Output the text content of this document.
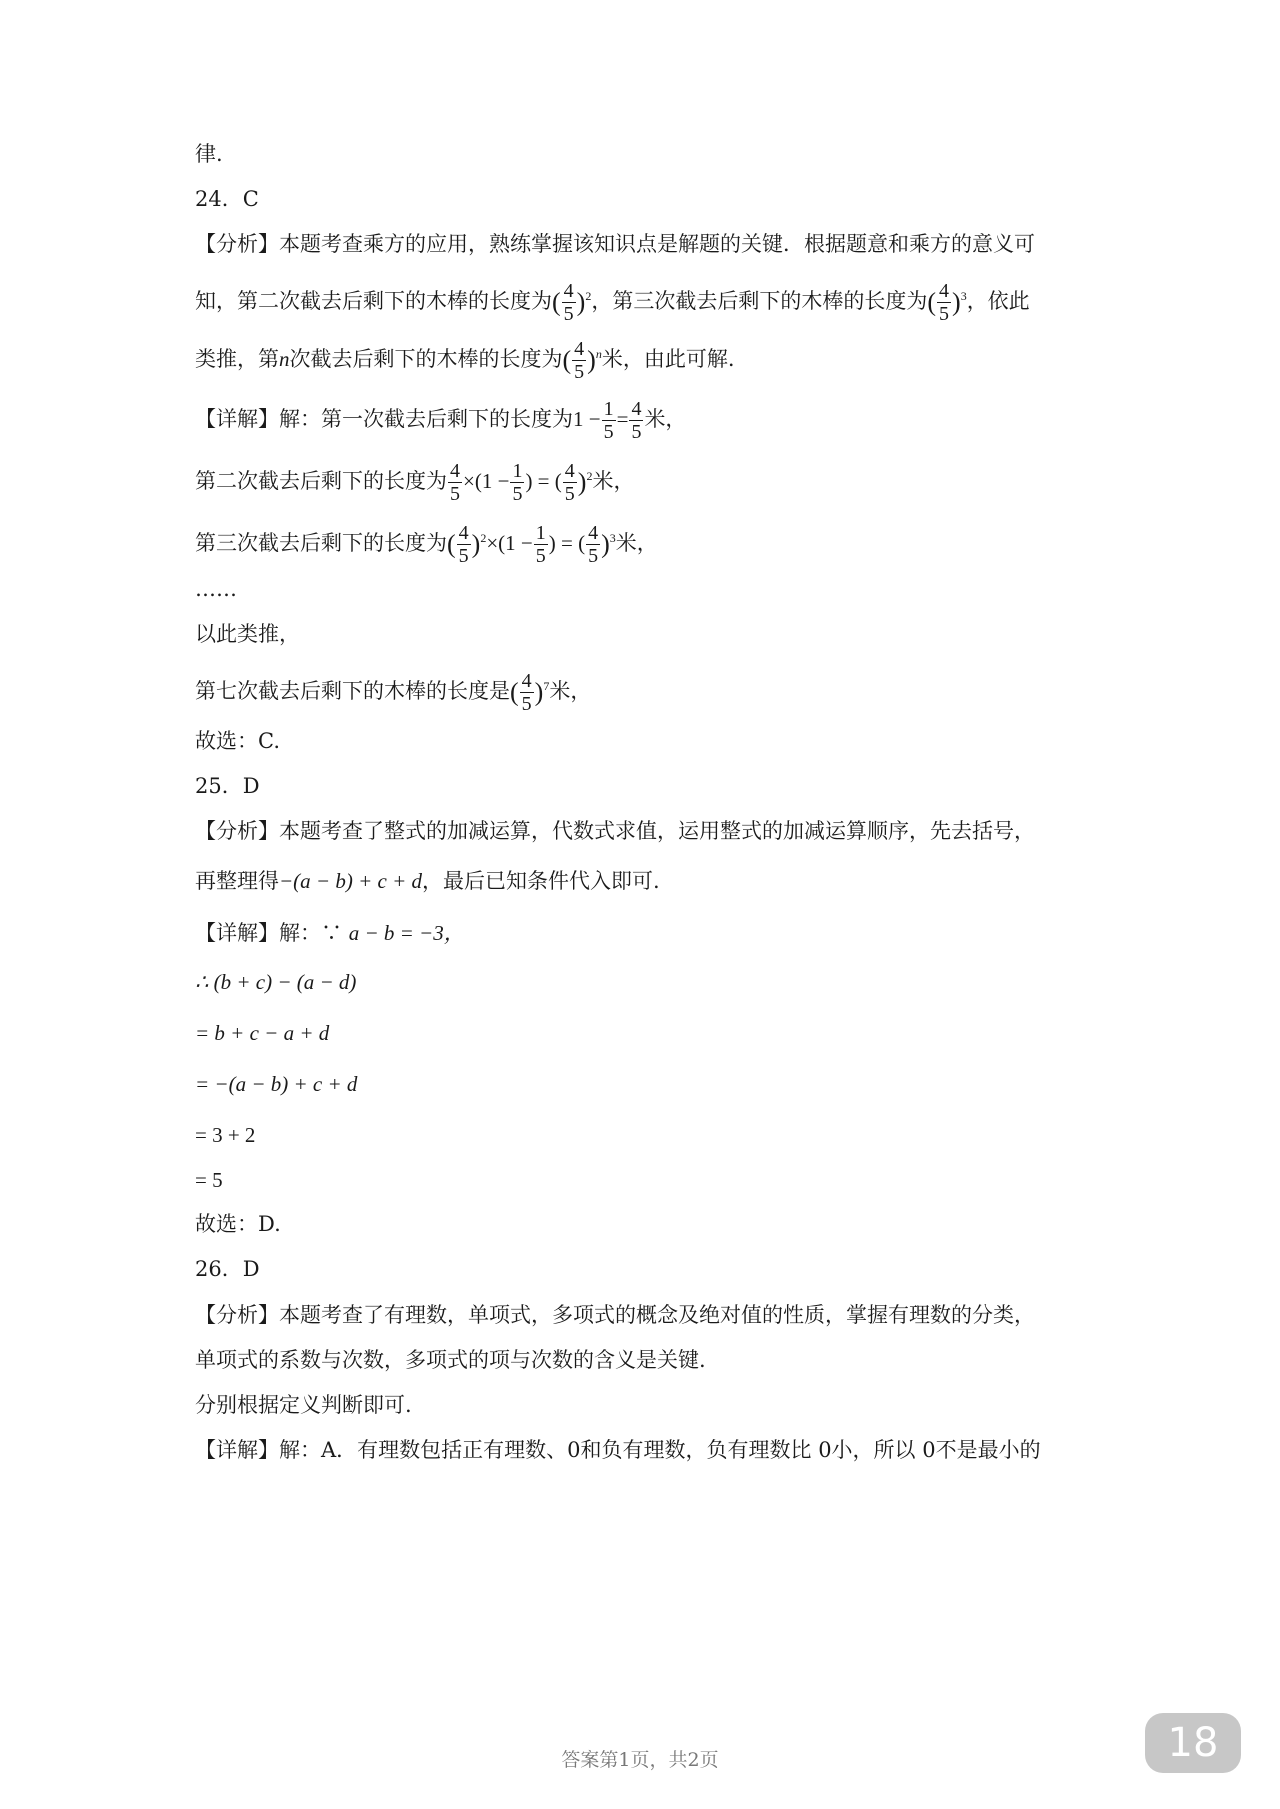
律.
24．C
【分析】本题考查乘方的应用，熟练掌握该知识点是解题的关键．根据题意和乘方的意义可
知，第二次截去后剩下的木棒的长度为( $\frac{4}{5} )^2$，第三次截去后剩下的木棒的长度为( $\frac{4}{5} )^3$，依此
类推，第n次截去后剩下的木棒的长度为( $\frac{4}{5} )^n$米，由此可解.
【详解】解：第一次截去后剩下的长度为$1 - \frac{1}{5} = \frac{4}{5}$ 米，
第二次截去后剩下的长度为 $\frac{4}{5} \times(1 - \frac{1}{5}$ ) = ( $\frac{4}{5} )^2$米，
第三次截去后剩下的长度为( $\frac{4}{5} )^2\times(1 - \frac{1}{5}$ ) = ( $\frac{4}{5} )^3$米，
……
以此类推，
第七次截去后剩下的木棒的长度是( $\frac{4}{5} )^7$米，
故选：C.
25．D
【分析】本题考查了整式的加减运算，代数式求值，运用整式的加减运算顺序，先去括号，
再整理得−(a − b) + c + d，最后已知条件代入即可.
【详解】解：∵ a − b = −3，
∴ (b + c) − (a − d)
= b + c − a + d
= −(a − b) + c + d
= 3 + 2
= 5
故选：D.
26．D
【分析】本题考查了有理数，单项式，多项式的概念及绝对值的性质，掌握有理数的分类，
单项式的系数与次数，多项式的项与次数的含义是关键.
分别根据定义判断即可.
【详解】解：A．有理数包括正有理数、0和负有理数，负有理数比 0小，所以 0不是最小的
答案第1页，共2页	18
